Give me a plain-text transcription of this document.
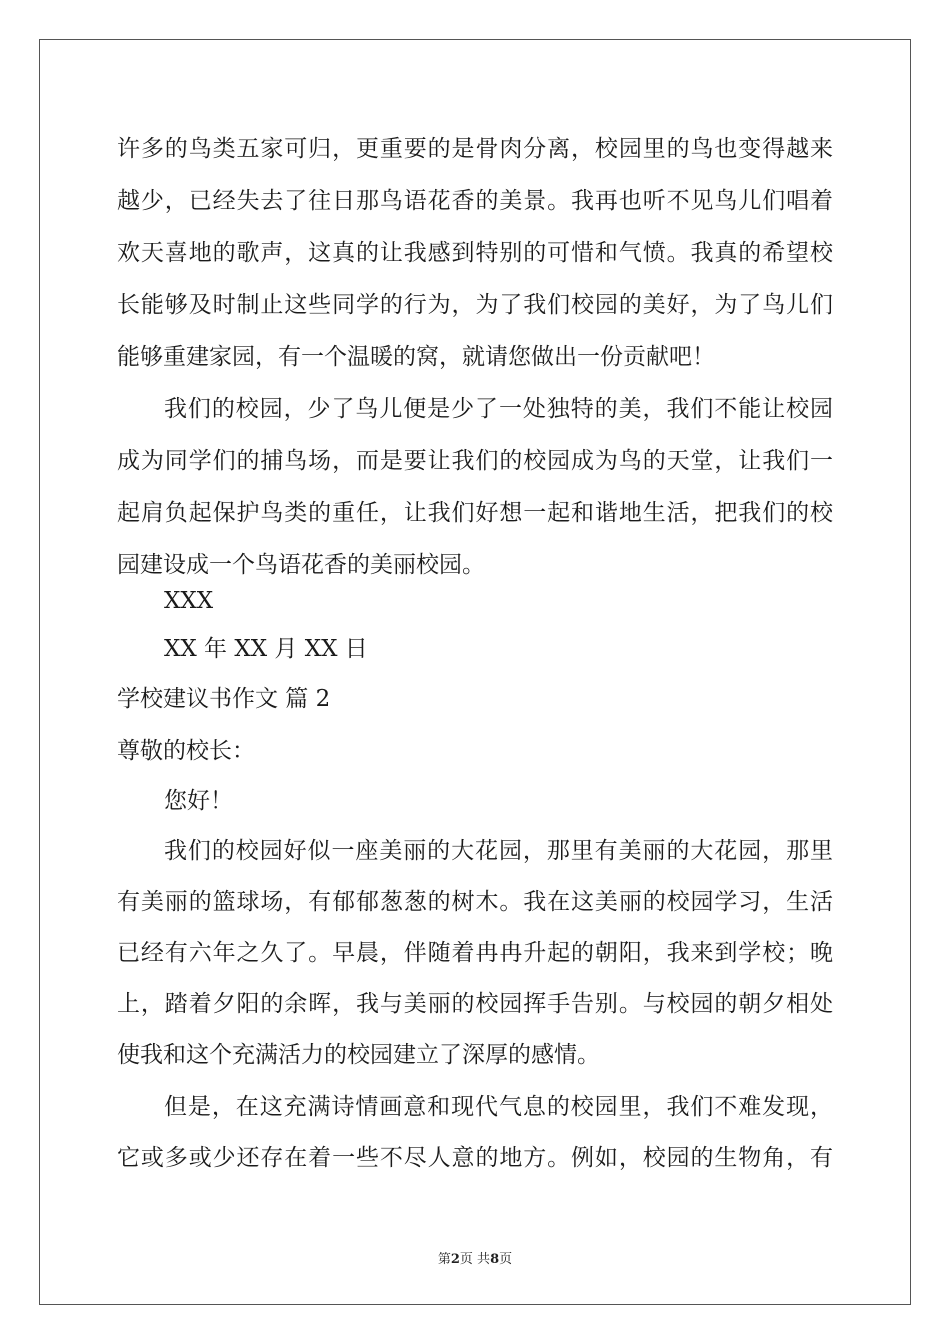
许多的鸟类五家可归，更重要的是骨肉分离，校园里的鸟也变得越来
越少，已经失去了往日那鸟语花香的美景。我再也听不见鸟儿们唱着
欢天喜地的歌声，这真的让我感到特别的可惜和气愤。我真的希望校
长能够及时制止这些同学的行为，为了我们校园的美好，为了鸟儿们
能够重建家园，有一个温暖的窝，就请您做出一份贡献吧！
我们的校园，少了鸟儿便是少了一处独特的美，我们不能让校园
成为同学们的捕鸟场，而是要让我们的校园成为鸟的天堂，让我们一
起肩负起保护鸟类的重任，让我们好想一起和谐地生活，把我们的校
园建设成一个鸟语花香的美丽校园。
XXX
XX 年 XX 月 XX 日
学校建议书作文 篇 2
尊敬的校长：
您好！
我们的校园好似一座美丽的大花园，那里有美丽的大花园，那里
有美丽的篮球场，有郁郁葱葱的树木。我在这美丽的校园学习，生活
已经有六年之久了。早晨，伴随着冉冉升起的朝阳，我来到学校；晚
上，踏着夕阳的余晖，我与美丽的校园挥手告别。与校园的朝夕相处
使我和这个充满活力的校园建立了深厚的感情。
但是，在这充满诗情画意和现代气息的校园里，我们不难发现，
它或多或少还存在着一些不尽人意的地方。例如，校园的生物角，有
第2页 共8页
